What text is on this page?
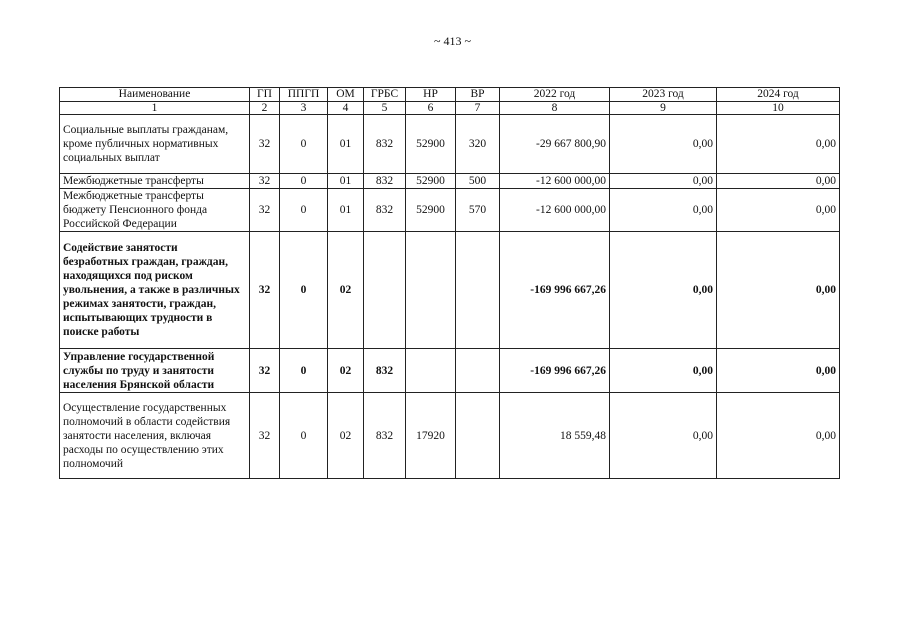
~ 413 ~
Наименование	ГП	ППГП	ОМ	ГРБС	НР	ВР	2022 год	2023 год	2024 год
1	2	3	4	5	6	7	8	9	10
Социальные выплаты гражданам, кроме публичных нормативных социальных выплат	32	0	01	832	52900	320	-29 667 800,90	0,00	0,00
Межбюджетные трансферты	32	0	01	832	52900	500	-12 600 000,00	0,00	0,00
Межбюджетные трансферты бюджету Пенсионного фонда Российской Федерации	32	0	01	832	52900	570	-12 600 000,00	0,00	0,00
Содействие занятости безработных граждан, граждан, находящихся под риском увольнения, а также в различных режимах занятости, граждан, испытывающих трудности в поиске работы	32	0	02				-169 996 667,26	0,00	0,00
Управление государственной службы по труду и занятости населения Брянской области	32	0	02	832			-169 996 667,26	0,00	0,00
Осуществление государственных полномочий в области содействия занятости населения, включая расходы по осуществлению этих полномочий	32	0	02	832	17920		18 559,48	0,00	0,00
